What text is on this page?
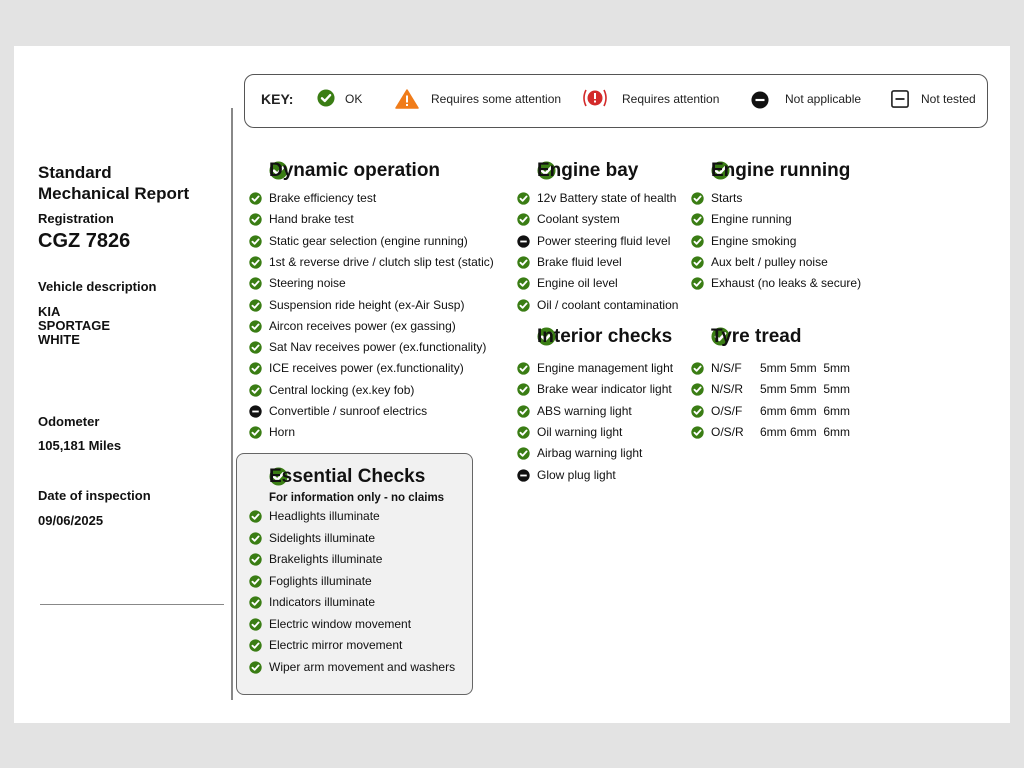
KEY:	OK	Requires some attention	Requires attention	Not applicable	Not tested
Standard
Mechanical Report
Registration
CGZ 7826
Vehicle description
KIA
SPORTAGE
WHITE
Odometer
105,181 Miles
Date of inspection
09/06/2025
For information only - no claims
Dynamic operation
Brake efficiency test
Hand brake test
Static gear selection (engine running)
1st & reverse drive / clutch slip test (static)
Steering noise
Suspension ride height (ex-Air Susp)
Aircon receives power (ex gassing)
Sat Nav receives power (ex.functionality)
ICE receives power (ex.functionality)
Central locking (ex.key fob)
Convertible / sunroof electrics
Horn
Essential Checks
Headlights illuminate
Sidelights illuminate
Brakelights illuminate
Foglights illuminate
Indicators illuminate
Electric window movement
Electric mirror movement
Wiper arm movement and washers
Engine bay
12v Battery state of health
Coolant system
Power steering fluid level
Brake fluid level
Engine oil level
Oil / coolant contamination
Interior checks
Engine management light
Brake wear indicator light
ABS warning light
Oil warning light
Airbag warning light
Glow plug light
Engine running
Starts
Engine running
Engine smoking
Aux belt / pulley noise
Exhaust (no leaks & secure)
Tyre tread
N/S/F 5mm 5mm  5mm
N/S/R 5mm 5mm  5mm
O/S/F 6mm 6mm  6mm
O/S/R 6mm 6mm  6mm
